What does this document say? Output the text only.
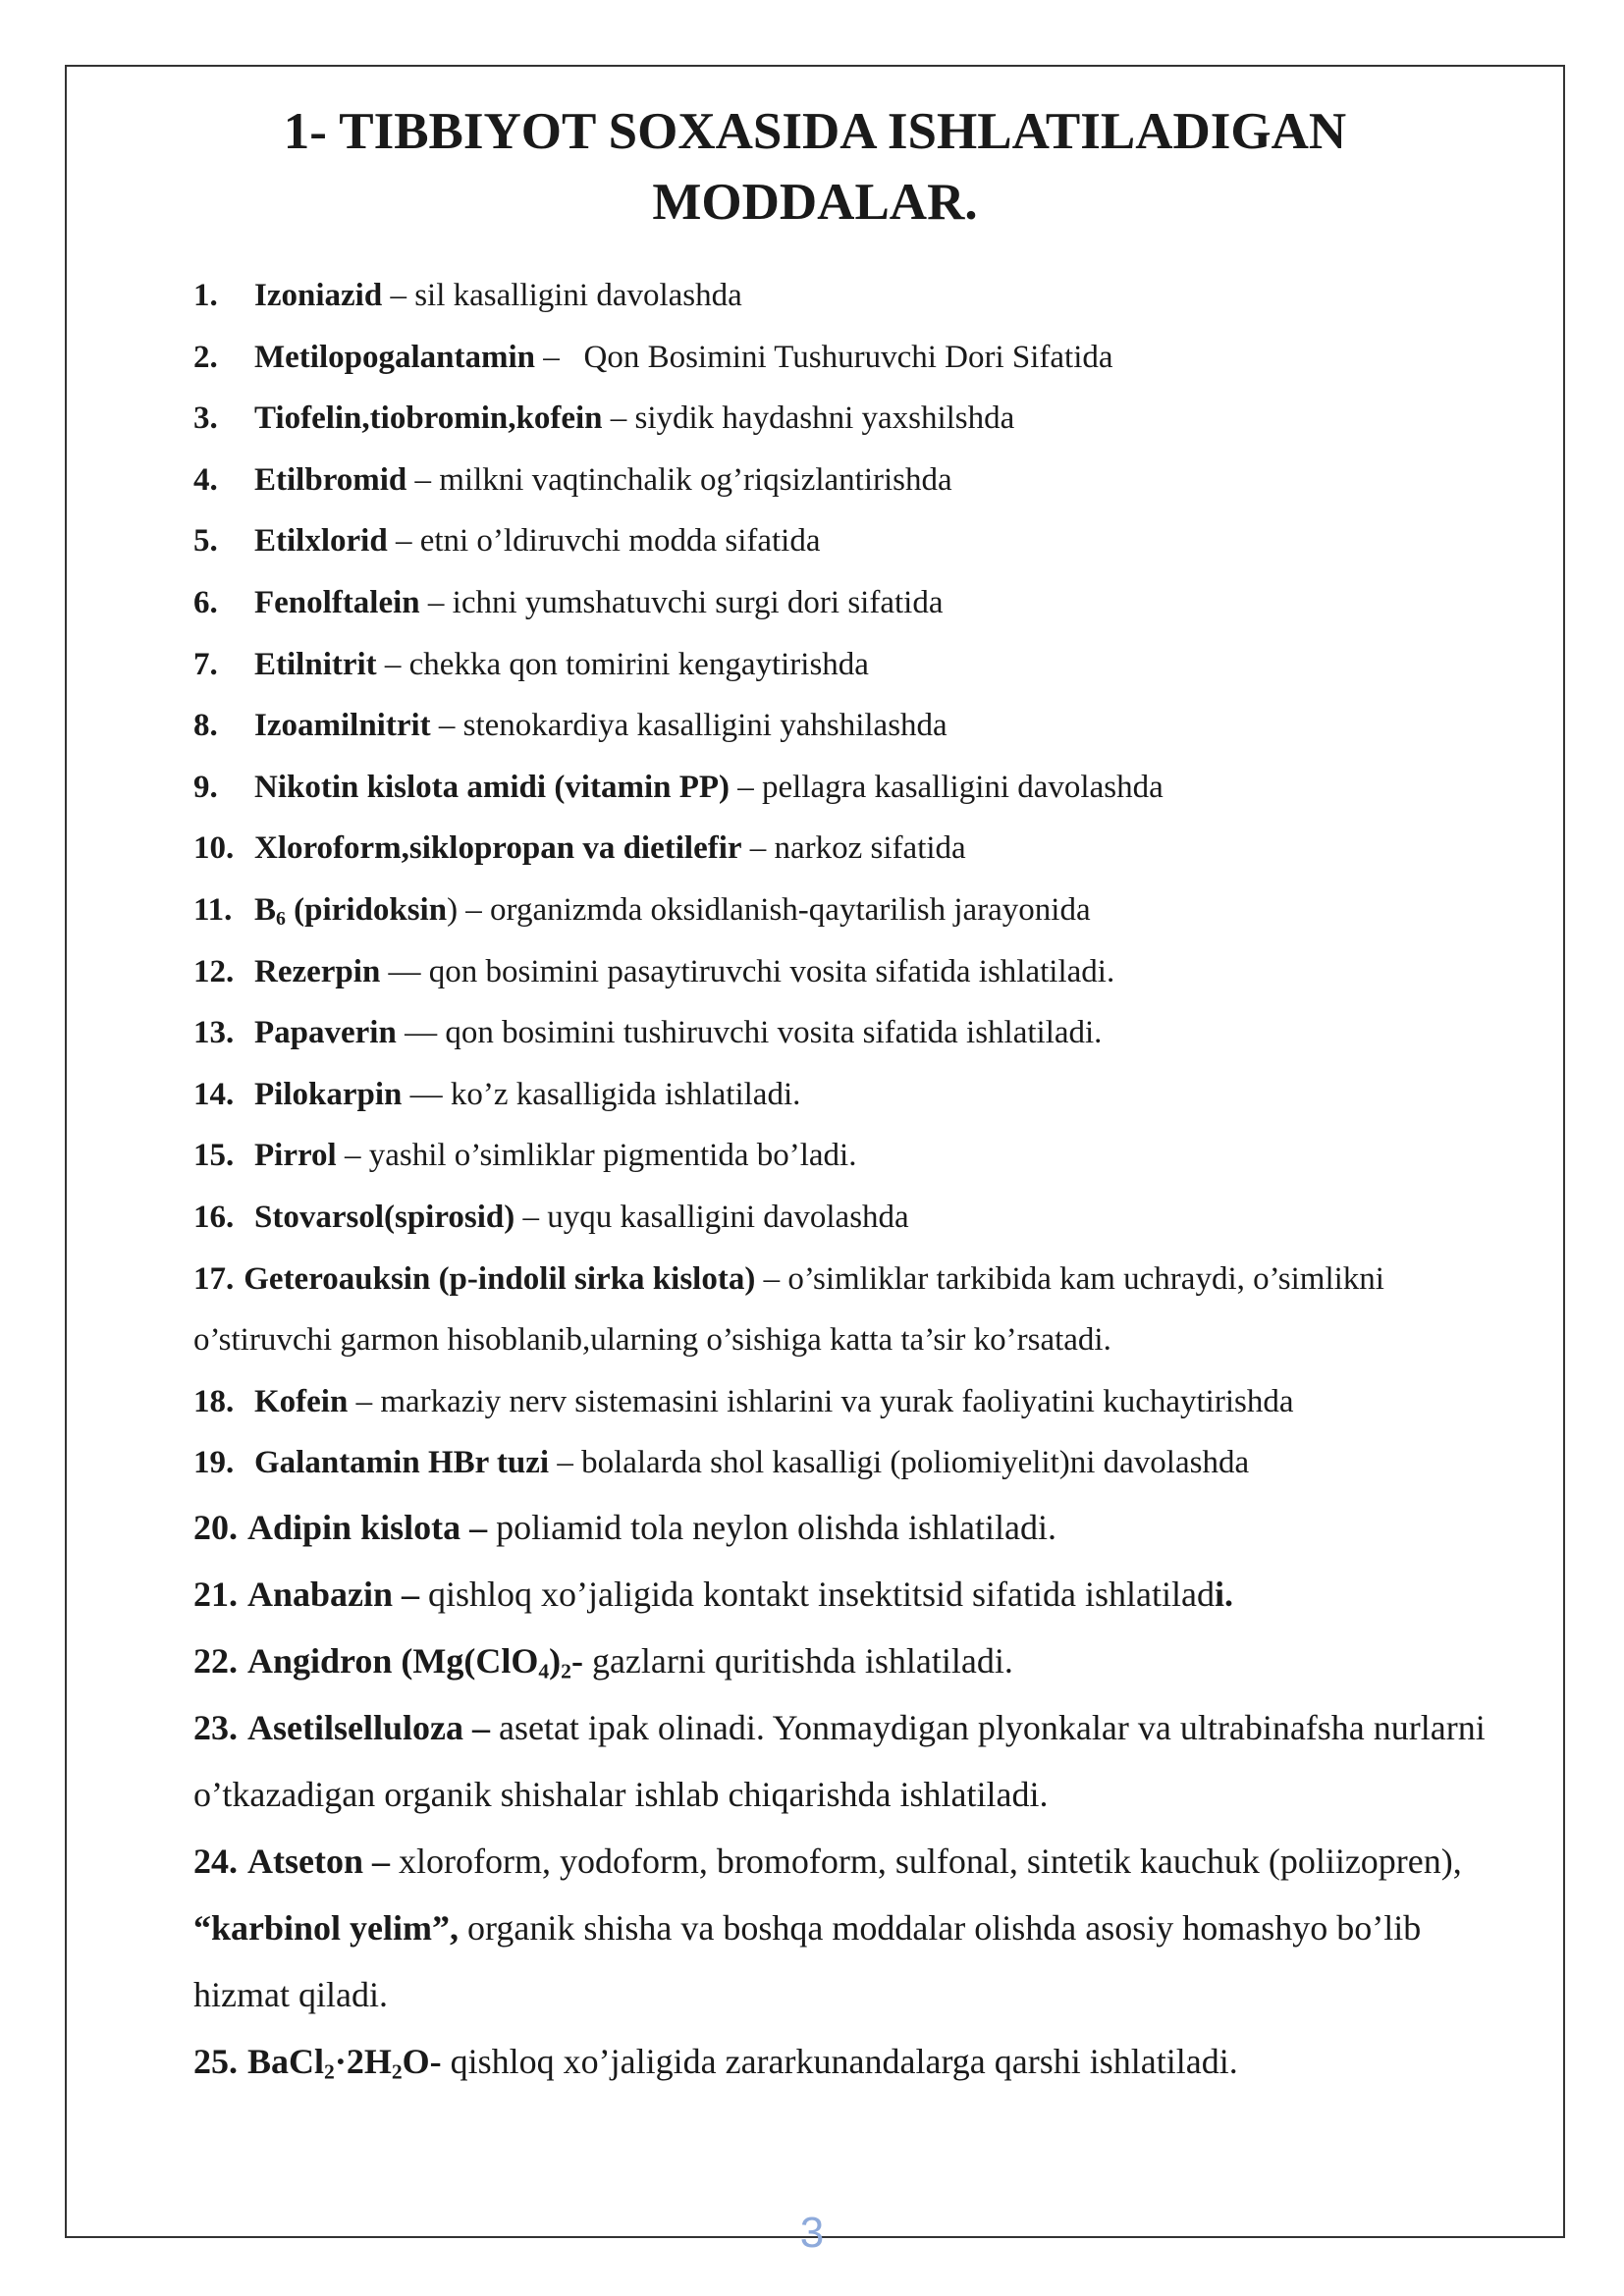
1- TIBBIYOT SOXASIDA ISHLATILADIGAN
MODDALAR.
1. Izoniazid – sil kasalligini davolashda
2. Metilopogalantamin –   Qon Bosimini Tushuruvchi Dori Sifatida
3. Tiofelin,tiobromin,kofein – siydik haydashni yaxshilshda
4. Etilbromid – milkni vaqtinchalik og’riqsizlantirishda
5. Etilxlorid – etni o’ldiruvchi modda sifatida
6. Fenolftalein – ichni yumshatuvchi surgi dori sifatida
7. Etilnitrit – chekka qon tomirini kengaytirishda
8. Izoamilnitrit – stenokardiya kasalligini yahshilashda
9. Nikotin kislota amidi (vitamin PP) – pellagra kasalligini davolashda
10. Xloroform,siklopropan va dietilefir – narkoz sifatida
11. $B_6$ (piridoksin) – organizmda oksidlanish-qaytarilish jarayonida
12. Rezerpin — qon bosimini pasaytiruvchi vosita sifatida ishlatiladi.
13. Papaverin — qon bosimini tushiruvchi vosita sifatida ishlatiladi.
14. Pilokarpin — ko’z kasalligida ishlatiladi.
15. Pirrol – yashil o’simliklar pigmentida bo’ladi.
16. Stovarsol(spirosid) – uyqu kasalligini davolashda
17. Geteroauksin (p-indolil sirka kislota) – o’simliklar tarkibida kam uchraydi, o’simlikni o’stiruvchi garmon hisoblanib,ularning o’sishiga katta ta’sir ko’rsatadi.
18. Kofein – markaziy nerv sistemasini ishlarini va yurak faoliyatini kuchaytirishda
19. Galantamin HBr tuzi – bolalarda shol kasalligi (poliomiyelit)ni davolashda
20. Adipin kislota – poliamid tola neylon olishda ishlatiladi.
21. Anabazin – qishloq xo’jaligida kontakt insektitsid sifatida ishlatiladi.
22. Angidron ($Mg(ClO_4)_2-$ gazlarni quritishda ishlatiladi.
23. Asetilselluloza – asetat ipak olinadi. Yonmaydigan plyonkalar va ultrabinafsha nurlarni o’tkazadigan organik shishalar ishlab chiqarishda ishlatiladi.
24. Atseton – xloroform, yodoform, bromoform, sulfonal, sintetik kauchuk (poliizopren), “karbinol yelim”, organik shisha va boshqa moddalar olishda asosiy homashyo bo’lib hizmat qiladi.
25. $BaCl_2\cdot 2H_2O-$ qishloq xo’jaligida zararkunandalarga qarshi ishlatiladi.
3
